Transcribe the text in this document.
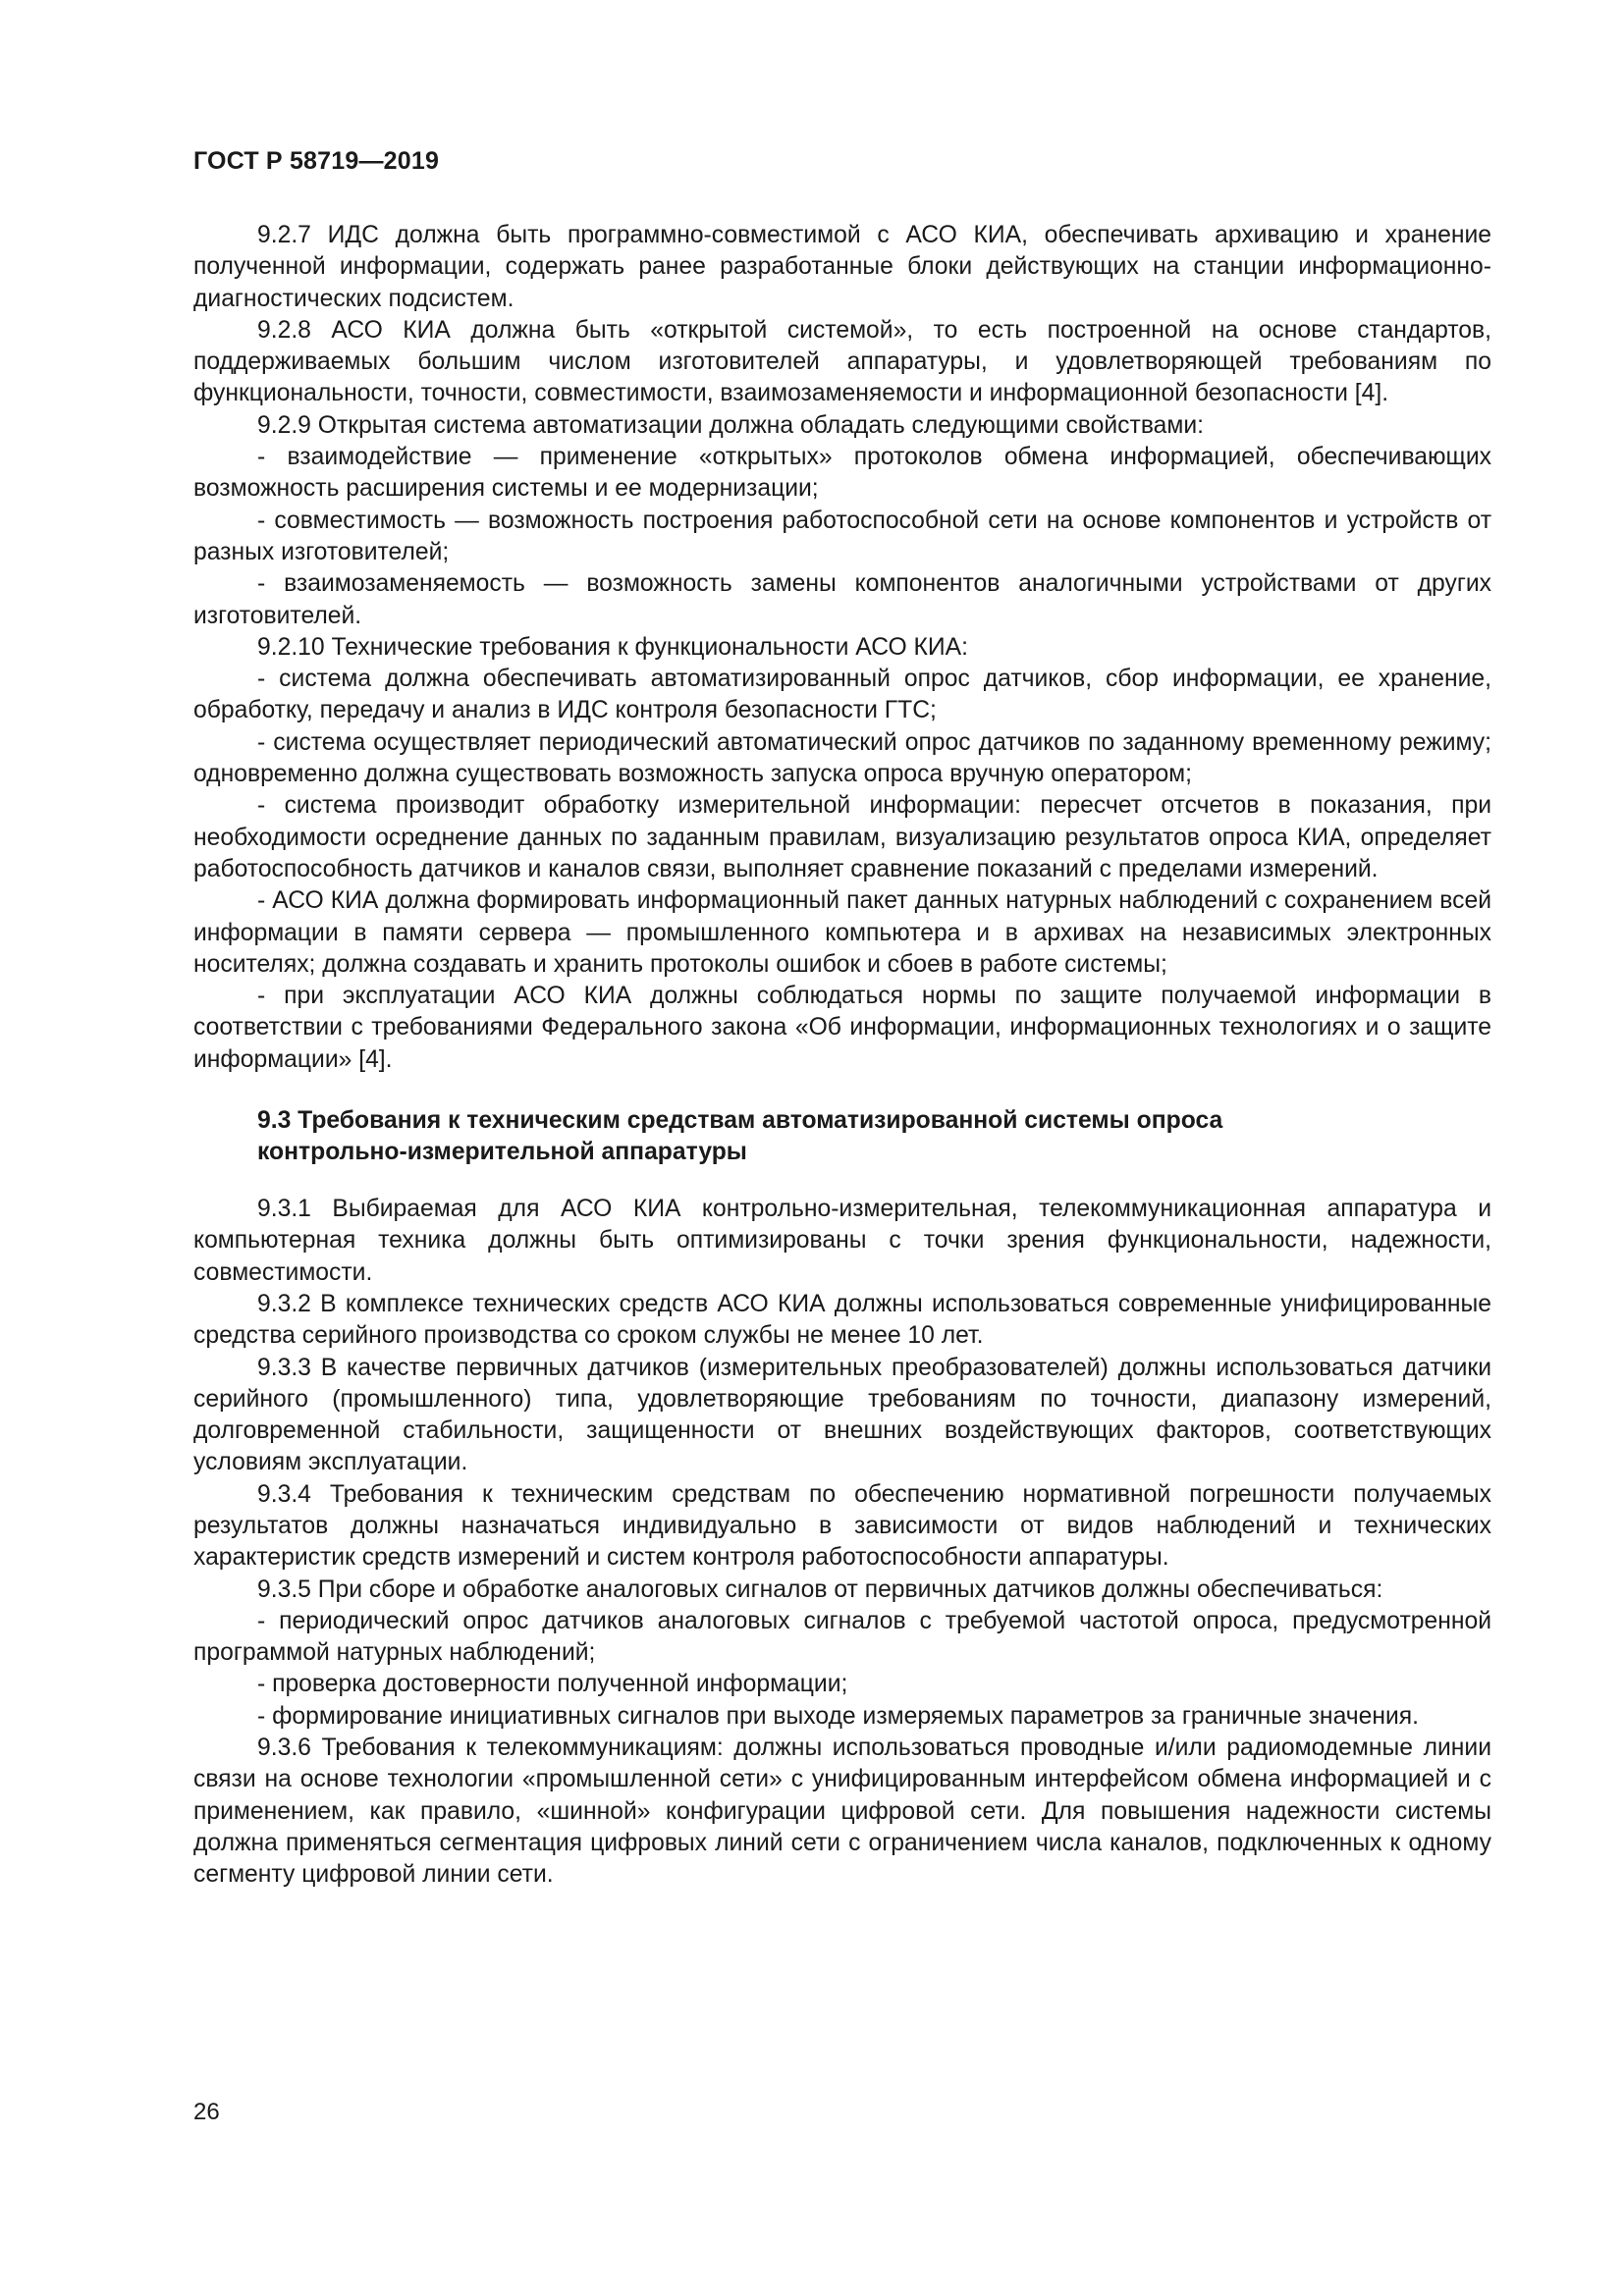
ГОСТ Р 58719—2019

9.2.7 ИДС должна быть программно-совместимой с АСО КИА, обеспечивать архивацию и хранение полученной информации, содержать ранее разработанные блоки действующих на станции информационно-диагностических подсистем.

9.2.8 АСО КИА должна быть «открытой системой», то есть построенной на основе стандартов, поддерживаемых большим числом изготовителей аппаратуры, и удовлетворяющей требованиям по функциональности, точности, совместимости, взаимозаменяемости и информационной безопасности [4].

9.2.9 Открытая система автоматизации должна обладать следующими свойствами:

- взаимодействие — применение «открытых» протоколов обмена информацией, обеспечивающих возможность расширения системы и ее модернизации;

- совместимость — возможность построения работоспособной сети на основе компонентов и устройств от разных изготовителей;

- взаимозаменяемость — возможность замены компонентов аналогичными устройствами от других изготовителей.

9.2.10 Технические требования к функциональности АСО КИА:

- система должна обеспечивать автоматизированный опрос датчиков, сбор информации, ее хранение, обработку, передачу и анализ в ИДС контроля безопасности ГТС;

- система осуществляет периодический автоматический опрос датчиков по заданному временному режиму; одновременно должна существовать возможность запуска опроса вручную оператором;

- система производит обработку измерительной информации: пересчет отсчетов в показания, при необходимости осреднение данных по заданным правилам, визуализацию результатов опроса КИА, определяет работоспособность датчиков и каналов связи, выполняет сравнение показаний с пределами измерений.

- АСО КИА должна формировать информационный пакет данных натурных наблюдений с сохранением всей информации в памяти сервера — промышленного компьютера и в архивах на независимых электронных носителях; должна создавать и хранить протоколы ошибок и сбоев в работе системы;

- при эксплуатации АСО КИА должны соблюдаться нормы по защите получаемой информации в соответствии с требованиями Федерального закона «Об информации, информационных технологиях и о защите информации» [4].

9.3 Требования к техническим средствам автоматизированной системы опроса
контрольно-измерительной аппаратуры

9.3.1 Выбираемая для АСО КИА контрольно-измерительная, телекоммуникационная аппаратура и компьютерная техника должны быть оптимизированы с точки зрения функциональности, надежности, совместимости.

9.3.2 В комплексе технических средств АСО КИА должны использоваться современные унифицированные средства серийного производства со сроком службы не менее 10 лет.

9.3.3 В качестве первичных датчиков (измерительных преобразователей) должны использоваться датчики серийного (промышленного) типа, удовлетворяющие требованиям по точности, диапазону измерений, долговременной стабильности, защищенности от внешних воздействующих факторов, соответствующих условиям эксплуатации.

9.3.4 Требования к техническим средствам по обеспечению нормативной погрешности получаемых результатов должны назначаться индивидуально в зависимости от видов наблюдений и технических характеристик средств измерений и систем контроля работоспособности аппаратуры.

9.3.5 При сборе и обработке аналоговых сигналов от первичных датчиков должны обеспечиваться:

- периодический опрос датчиков аналоговых сигналов с требуемой частотой опроса, предусмотренной программой натурных наблюдений;

- проверка достоверности полученной информации;

- формирование инициативных сигналов при выходе измеряемых параметров за граничные значения.

9.3.6 Требования к телекоммуникациям: должны использоваться проводные и/или радиомодемные линии связи на основе технологии «промышленной сети» с унифицированным интерфейсом обмена информацией и с применением, как правило, «шинной» конфигурации цифровой сети. Для повышения надежности системы должна применяться сегментация цифровых линий сети с ограничением числа каналов, подключенных к одному сегменту цифровой линии сети.

26
